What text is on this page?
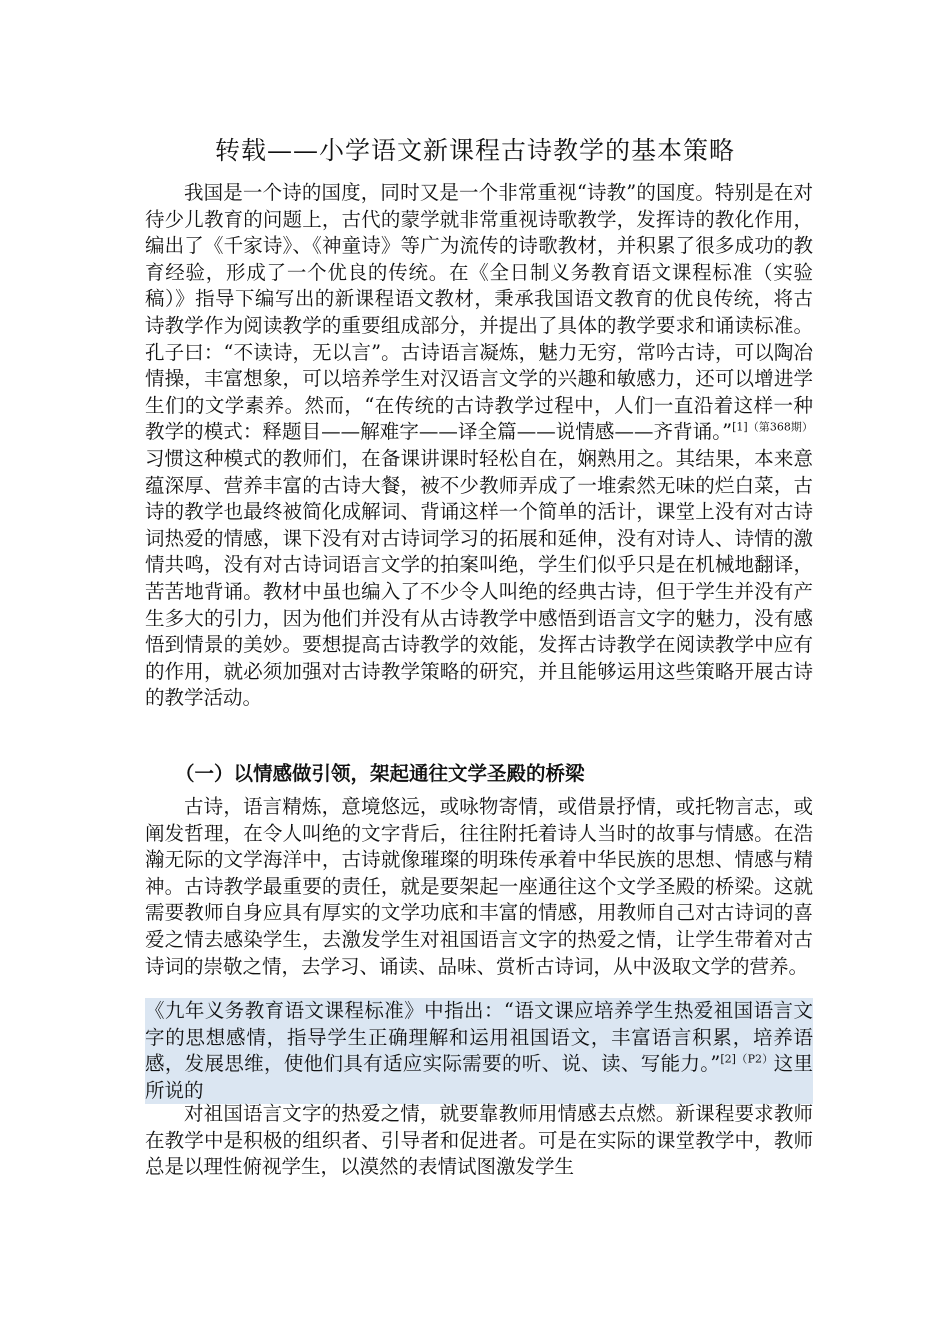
转载——小学语文新课程古诗教学的基本策略
我国是一个诗的国度，同时又是一个非常重视“诗教”的国度。特别是在对待少儿教育的问题上，古代的蒙学就非常重视诗歌教学，发挥诗的教化作用，编出了《千家诗》、《神童诗》等广为流传的诗歌教材，并积累了很多成功的教育经验，形成了一个优良的传统。在《全日制义务教育语文课程标准（实验稿）》指导下编写出的新课程语文教材，秉承我国语文教育的优良传统，将古诗教学作为阅读教学的重要组成部分，并提出了具体的教学要求和诵读标准。孔子曰：“不读诗，无以言”。古诗语言凝炼，魅力无穷，常吟古诗，可以陶冶情操，丰富想象，可以培养学生对汉语言文学的兴趣和敏感力，还可以增进学生们的文学素养。然而，“在传统的古诗教学过程中，人们一直沿着这样一种教学的模式：释题目——解难字——译全篇——说情感——齐背诵。”$^{[1](第368期)}$习惯这种模式的教师们，在备课讲课时轻松自在，娴熟用之。其结果，本来意蕴深厚、营养丰富的古诗大餐，被不少教师弄成了一堆索然无味的烂白菜，古诗的教学也最终被简化成解词、背诵这样一个简单的活计，课堂上没有对古诗词热爱的情感，课下没有对古诗词学习的拓展和延伸，没有对诗人、诗情的激情共鸣，没有对古诗词语言文学的拍案叫绝，学生们似乎只是在机械地翻译，苦苦地背诵。教材中虽也编入了不少令人叫绝的经典古诗，但于学生并没有产生多大的引力，因为他们并没有从古诗教学中感悟到语言文字的魅力，没有感悟到情景的美妙。要想提高古诗教学的效能，发挥古诗教学在阅读教学中应有的作用，就必须加强对古诗教学策略的研究，并且能够运用这些策略开展古诗的教学活动。
（一）以情感做引领，架起通往文学圣殿的桥梁
古诗，语言精炼，意境悠远，或咏物寄情，或借景抒情，或托物言志，或阐发哲理，在令人叫绝的文字背后，往往附托着诗人当时的故事与情感。在浩瀚无际的文学海洋中，古诗就像璀璨的明珠传承着中华民族的思想、情感与精神。古诗教学最重要的责任，就是要架起一座通往这个文学圣殿的桥梁。这就需要教师自身应具有厚实的文学功底和丰富的情感，用教师自己对古诗词的喜爱之情去感染学生，去激发学生对祖国语言文字的热爱之情，让学生带着对古诗词的崇敬之情，去学习、诵读、品味、赏析古诗词，从中汲取文学的营养。
《九年义务教育语文课程标准》中指出：“语文课应培养学生热爱祖国语言文字的思想感情，指导学生正确理解和运用祖国语文，丰富语言积累，培养语感，发展思维，使他们具有适应实际需要的听、说、读、写能力。”$^{[2](P2)}$这里所说的
对祖国语言文字的热爱之情，就要靠教师用情感去点燃。新课程要求教师在教学中是积极的组织者、引导者和促进者。可是在实际的课堂教学中，教师总是以理性俯视学生，以漠然的表情试图激发学生
